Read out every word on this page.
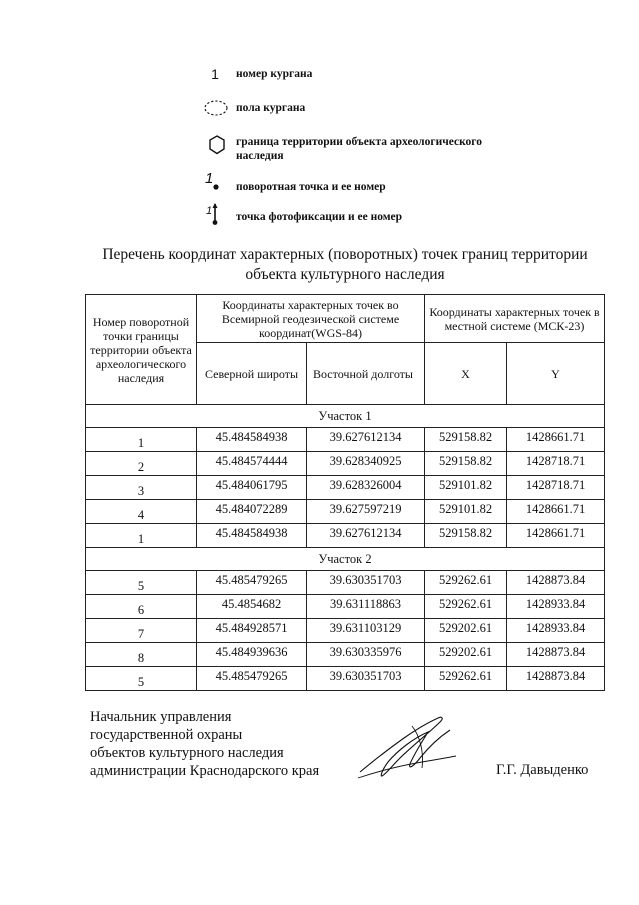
1	номер кургана
пола кургана
граница территории объекта археологического наследия
1 поворотная точка и ее номер
1 точка фотофиксации и ее номер
Перечень координат характерных (поворотных) точек границ территории объекта культурного наследия
Номер поворотной точки границы территории объекта археологического наследия	Координаты характерных точек во Всемирной геодезической системе координат(WGS-84)		Координаты характерных точек в местной системе (МСК-23)	
	Северной широты	Восточной долготы	X	Y
Участок 1				
1	45.484584938	39.627612134	529158.82	1428661.71
2	45.484574444	39.628340925	529158.82	1428718.71
3	45.484061795	39.628326004	529101.82	1428718.71
4	45.484072289	39.627597219	529101.82	1428661.71
1	45.484584938	39.627612134	529158.82	1428661.71
Участок 2				
5	45.485479265	39.630351703	529262.61	1428873.84
6	45.4854682	39.631118863	529262.61	1428933.84
7	45.484928571	39.631103129	529202.61	1428933.84
8	45.484939636	39.630335976	529202.61	1428873.84
5	45.485479265	39.630351703	529262.61	1428873.84
Начальник управления
государственной охраны
объектов культурного наследия
администрации Краснодарского края	Г.Г. Давыденко
